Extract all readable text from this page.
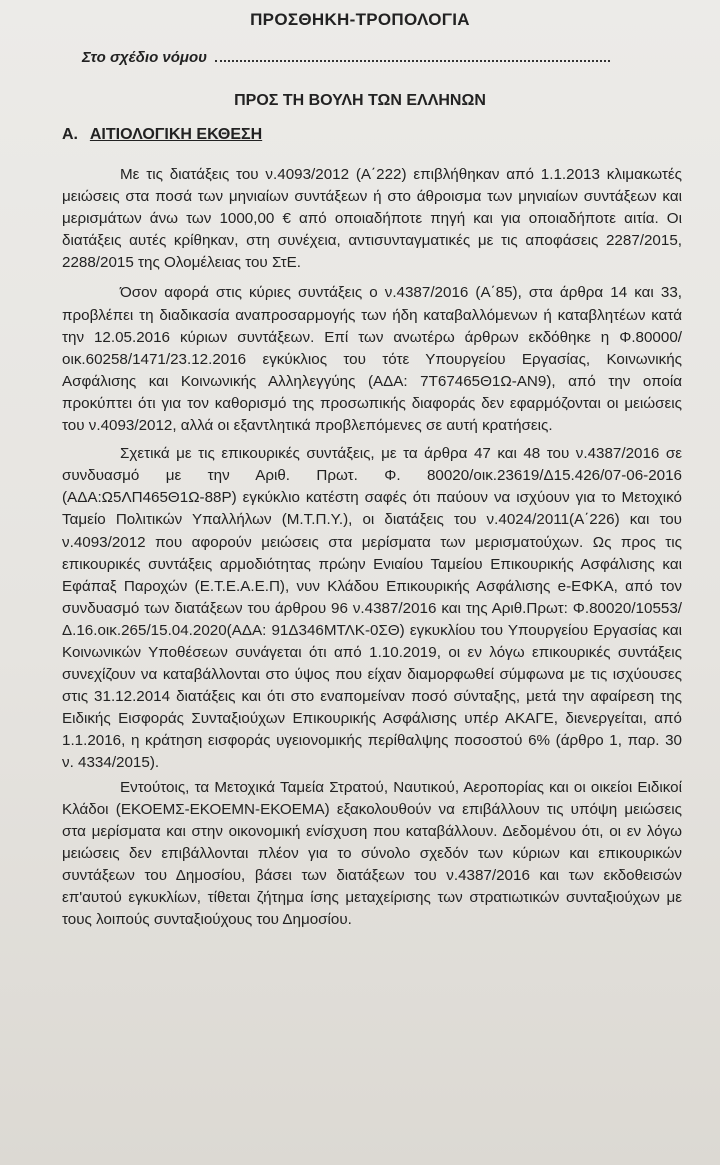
ΠΡΟΣΘΗΚΗ-ΤΡΟΠΟΛΟΓΙΑ
Στο σχέδιο νόμου
ΠΡΟΣ ΤΗ ΒΟΥΛΗ ΤΩΝ ΕΛΛΗΝΩΝ
Α. ΑΙΤΙΟΛΟΓΙΚΗ ΕΚΘΕΣΗ

Με τις διατάξεις του ν.4093/2012 (Α΄222) επιβλήθηκαν από 1.1.2013 κλιμακωτές μειώσεις στα ποσά των μηνιαίων συντάξεων ή στο άθροισμα των μηνιαίων συντάξεων και μερισμάτων άνω των 1000,00 € από οποιαδήποτε πηγή και για οποιαδήποτε αιτία. Οι διατάξεις αυτές κρίθηκαν, στη συνέχεια, αντισυνταγματικές με τις αποφάσεις 2287/2015, 2288/2015 της Ολομέλειας του ΣτΕ.

Όσον αφορά στις κύριες συντάξεις ο ν.4387/2016 (Α΄85), στα άρθρα 14 και 33, προβλέπει τη διαδικασία αναπροσαρμογής των ήδη καταβαλλόμενων ή καταβλητέων κατά την 12.05.2016 κύριων συντάξεων. Επί των ανωτέρω άρθρων εκδόθηκε η Φ.80000/ οικ.60258/1471/23.12.2016 εγκύκλιος του τότε Υπουργείου Εργασίας, Κοινωνικής Ασφάλισης και Κοινωνικής Αλληλεγγύης (ΑΔΑ: 7Τ67465Θ1Ω-ΑΝ9), από την οποία προκύπτει ότι για τον καθορισμό της προσωπικής διαφοράς δεν εφαρμόζονται οι μειώσεις του ν.4093/2012, αλλά οι εξαντλητικά προβλεπόμενες σε αυτή κρατήσεις.

Σχετικά με τις επικουρικές συντάξεις, με τα άρθρα 47 και 48 του ν.4387/2016 σε συνδυασμό με την Αριθ. Πρωτ. Φ. 80020/οικ.23619/Δ15.426/07-06-2016 (ΑΔΑ:Ω5ΛΠ465Θ1Ω-88Ρ) εγκύκλιο κατέστη σαφές ότι παύουν να ισχύουν για το Μετοχικό Ταμείο Πολιτικών Υπαλλήλων (Μ.Τ.Π.Υ.), οι διατάξεις του ν.4024/2011(Α΄226) και του ν.4093/2012 που αφορούν μειώσεις στα μερίσματα των μερισματούχων. Ως προς τις επικουρικές συντάξεις αρμοδιότητας πρώην Ενιαίου Ταμείου Επικουρικής Ασφάλισης και Εφάπαξ Παροχών (Ε.Τ.Ε.Α.Ε.Π), νυν Κλάδου Επικουρικής Ασφάλισης e-ΕΦΚΑ, από τον συνδυασμό των διατάξεων του άρθρου 96 ν.4387/2016 και της Αριθ.Πρωτ: Φ.80020/10553/Δ.16.οικ.265/15.04.2020(ΑΔΑ: 91Δ346ΜΤΛΚ-0ΣΘ) εγκυκλίου του Υπουργείου Εργασίας και Κοινωνικών Υποθέσεων συνάγεται ότι από 1.10.2019, οι εν λόγω επικουρικές συντάξεις συνεχίζουν να καταβάλλονται στο ύψος που είχαν διαμορφωθεί σύμφωνα με τις ισχύουσες στις 31.12.2014 διατάξεις και ότι στο εναπομείναν ποσό σύνταξης, μετά την αφαίρεση της Ειδικής Εισφοράς Συνταξιούχων Επικουρικής Ασφάλισης υπέρ ΑΚΑΓΕ, διενεργείται, από 1.1.2016, η κράτηση εισφοράς υγειονομικής περίθαλψης ποσοστού 6% (άρθρο 1, παρ. 30 ν. 4334/2015).

Εντούτοις, τα Μετοχικά Ταμεία Στρατού, Ναυτικού, Αεροπορίας και οι οικείοι Ειδικοί Κλάδοι (ΕΚΟΕΜΣ-ΕΚΟΕΜΝ-ΕΚΟΕΜΑ) εξακολουθούν να επιβάλλουν τις υπόψη μειώσεις στα μερίσματα και στην οικονομική ενίσχυση που καταβάλλουν. Δεδομένου ότι, οι εν λόγω μειώσεις δεν επιβάλλονται πλέον για το σύνολο σχεδόν των κύριων και επικουρικών συντάξεων του Δημοσίου, βάσει των διατάξεων του ν.4387/2016 και των εκδοθεισών επ'αυτού εγκυκλίων, τίθεται ζήτημα ίσης μεταχείρισης των στρατιωτικών συνταξιούχων με τους λοιπούς συνταξιούχους του Δημοσίου.
